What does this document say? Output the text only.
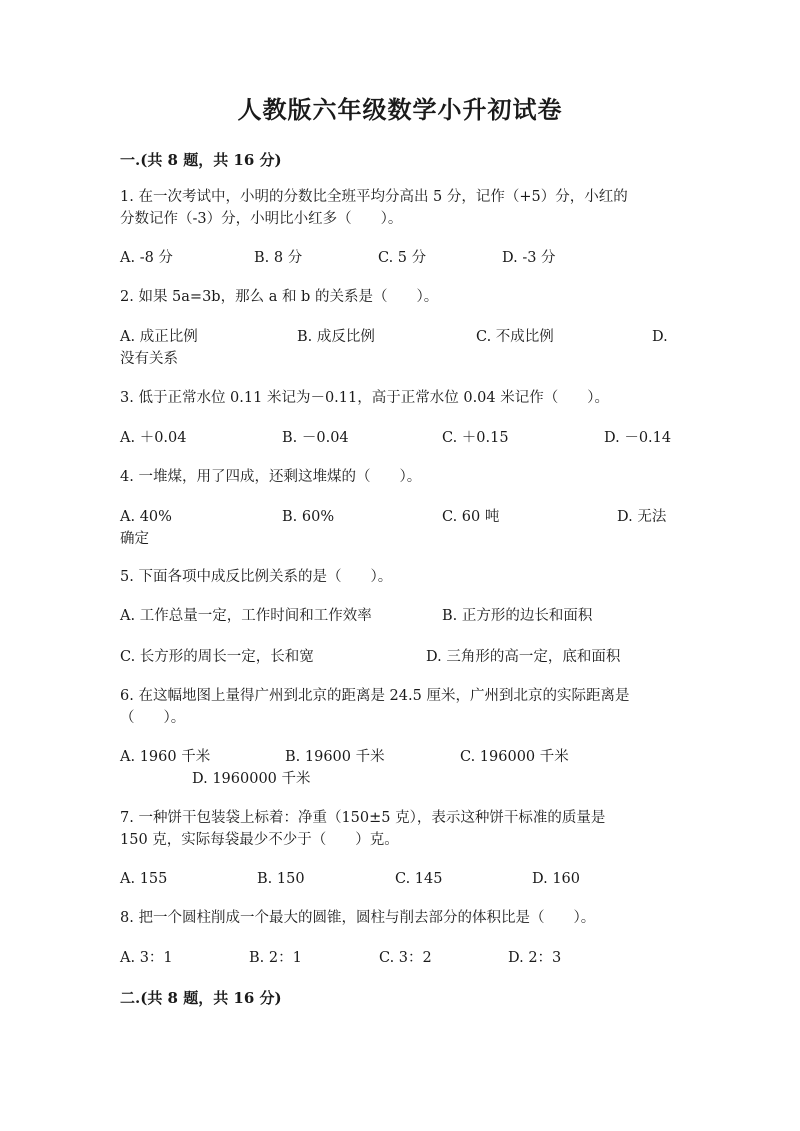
人教版六年级数学小升初试卷
一.(共 8 题，共 16 分)
1. 在一次考试中，小明的分数比全班平均分高出 5 分，记作（+5）分，小红的
分数记作（-3）分，小明比小红多（　　）。
A. -8 分	B. 8 分	C. 5 分	D. -3 分
2. 如果 5a=3b，那么 a 和 b 的关系是（　　）。
A. 成正比例	B. 成反比例	C. 不成比例	D.
没有关系
3. 低于正常水位 0.11 米记为－0.11，高于正常水位 0.04 米记作（　　）。
A. ＋0.04	B. －0.04	C. ＋0.15	D. －0.14
4. 一堆煤，用了四成，还剩这堆煤的（　　）。
A. 40%	B. 60%	C. 60 吨	D. 无法
确定
5. 下面各项中成反比例关系的是（　　）。
A. 工作总量一定，工作时间和工作效率	B. 正方形的边长和面积
C. 长方形的周长一定，长和宽	D. 三角形的高一定，底和面积
6. 在这幅地图上量得广州到北京的距离是 24.5 厘米，广州到北京的实际距离是
（　　）。
A. 1960 千米	B. 19600 千米	C. 196000 千米
D. 1960000 千米
7. 一种饼干包装袋上标着：净重（150±5 克），表示这种饼干标准的质量是
150 克，实际每袋最少不少于（　　）克。
A. 155	B. 150	C. 145	D. 160
8. 把一个圆柱削成一个最大的圆锥，圆柱与削去部分的体积比是（　　）。
A. 3：1	B. 2：1	C. 3：2	D. 2：3
二.(共 8 题，共 16 分)
